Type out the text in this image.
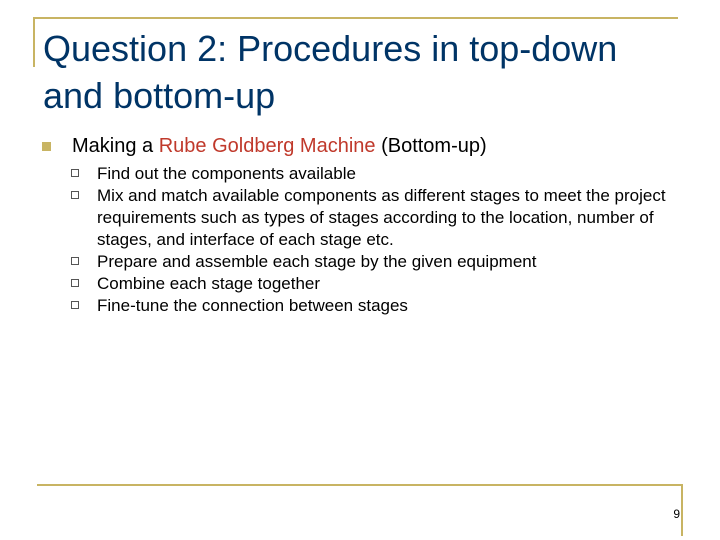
Question 2: Procedures in top-down and bottom-up
Making a Rube Goldberg Machine (Bottom-up)
Find out the components available
Mix and match available components as different stages to meet the project requirements such as types of stages according to the location, number of stages, and interface of each stage etc.
Prepare and assemble each stage by the given equipment
Combine each stage together
Fine-tune the connection between stages
9
